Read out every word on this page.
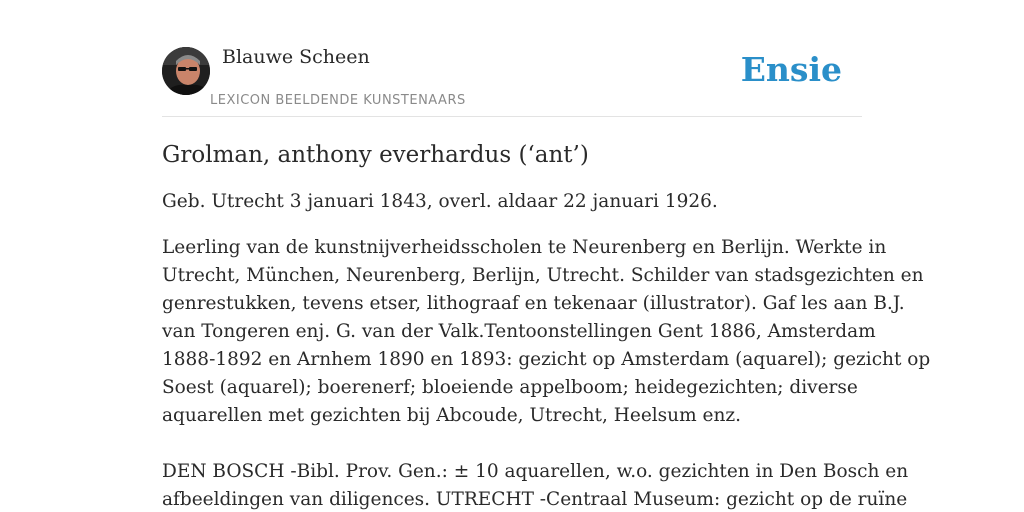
Blauwe Scheen
LEXICON BEELDENDE KUNSTENAARS
Ensie
Grolman, anthony everhardus (‘ant’)

Geb. Utrecht 3 januari 1843, overl. aldaar 22 januari 1926.

Leerling van de kunstnijverheidsscholen te Neurenberg en Berlijn. Werkte in
Utrecht, München, Neurenberg, Berlijn, Utrecht. Schilder van stadsgezichten en
genrestukken, tevens etser, lithograaf en tekenaar (illustrator). Gaf les aan B.J.
van Tongeren enj. G. van der Valk.Tentoonstellingen Gent 1886, Amsterdam
1888-1892 en Arnhem 1890 en 1893: gezicht op Amsterdam (aquarel); gezicht op
Soest (aquarel); boerenerf; bloeiende appelboom; heidegezichten; diverse
aquarellen met gezichten bij Abcoude, Utrecht, Heelsum enz.
DEN BOSCH -Bibl. Prov. Gen.: ± 10 aquarellen, w.o. gezichten in Den Bosch en
afbeeldingen van diligences. UTRECHT -Centraal Museum: gezicht op de ruïne
